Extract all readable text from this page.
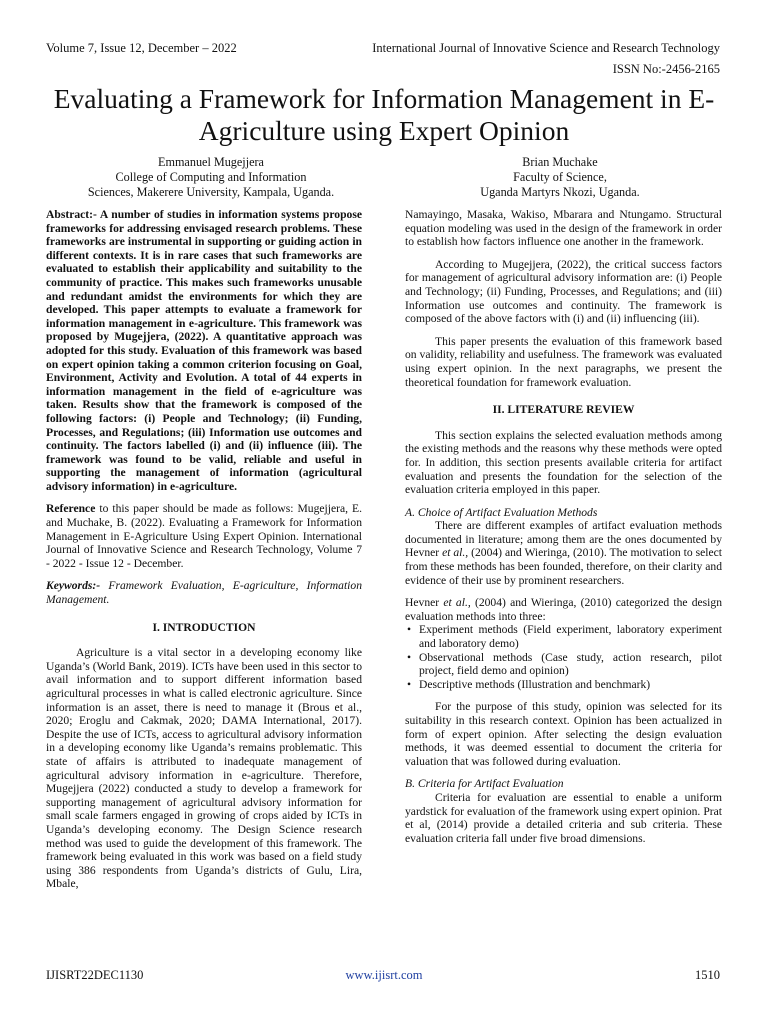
Volume 7, Issue 12, December – 2022	International Journal of Innovative Science and Research Technology
ISSN No:-2456-2165
Evaluating a Framework for Information Management in E-Agriculture using Expert Opinion
Emmanuel Mugejjera
College of Computing and Information
Sciences, Makerere University, Kampala, Uganda.
Brian Muchake
Faculty of Science,
Uganda Martyrs Nkozi, Uganda.

Abstract:- A number of studies in information systems propose frameworks for addressing envisaged research problems. These frameworks are instrumental in supporting or guiding action in different contexts. It is in rare cases that such frameworks are evaluated to establish their applicability and suitability to the community of practice. This makes such frameworks unusable and redundant amidst the environments for which they are developed. This paper attempts to evaluate a framework for information management in e-agriculture. This framework was proposed by Mugejjera, (2022). A quantitative approach was adopted for this study. Evaluation of this framework was based on expert opinion taking a common criterion focusing on Goal, Environment, Activity and Evolution. A total of 44 experts in information management in the field of e-agriculture was taken. Results show that the framework is composed of the following factors: (i) People and Technology; (ii) Funding, Processes, and Regulations; (iii) Information use outcomes and continuity. The factors labelled (i) and (ii) influence (iii). The framework was found to be valid, reliable and useful in supporting the management of information (agricultural advisory information) in e-agriculture.

Reference to this paper should be made as follows: Mugejjera, E. and Muchake, B. (2022). Evaluating a Framework for Information Management in E-Agriculture Using Expert Opinion. International Journal of Innovative Science and Research Technology, Volume 7 - 2022 - Issue 12 - December.

Keywords:- Framework Evaluation, E-agriculture, Information Management.

I. INTRODUCTION

Agriculture is a vital sector in a developing economy like Uganda’s (World Bank, 2019). ICTs have been used in this sector to avail information and to support different information based agricultural processes in what is called electronic agriculture. Since information is an asset, there is need to manage it (Brous et al., 2020; Eroglu and Cakmak, 2020; DAMA International, 2017). Despite the use of ICTs, access to agricultural advisory information in a developing economy like Uganda’s remains problematic. This state of affairs is attributed to inadequate management of agricultural advisory information in e-agriculture. Therefore, Mugejjera (2022) conducted a study to develop a framework for supporting management of agricultural advisory information for small scale farmers engaged in growing of crops aided by ICTs in Uganda’s developing economy. The Design Science research method was used to guide the development of this framework. The framework being evaluated in this work was based on a field study using 386 respondents from Uganda’s districts of Gulu, Lira, Mbale,

Namayingo, Masaka, Wakiso, Mbarara and Ntungamo. Structural equation modeling was used in the design of the framework in order to establish how factors influence one another in the framework.

According to Mugejjera, (2022), the critical success factors for management of agricultural advisory information are: (i) People and Technology; (ii) Funding, Processes, and Regulations; and (iii) Information use outcomes and continuity. The framework is composed of the above factors with (i) and (ii) influencing (iii).

This paper presents the evaluation of this framework based on validity, reliability and usefulness. The framework was evaluated using expert opinion. In the next paragraphs, we present the theoretical foundation for framework evaluation.

II. LITERATURE REVIEW

This section explains the selected evaluation methods among the existing methods and the reasons why these methods were opted for. In addition, this section presents available criteria for artifact evaluation and presents the foundation for the selection of the evaluation criteria employed in this paper.

A. Choice of Artifact Evaluation Methods

There are different examples of artifact evaluation methods documented in literature; among them are the ones documented by Hevner et al., (2004) and Wieringa, (2010). The motivation to select from these methods has been founded, therefore, on their clarity and evidence of their use by prominent researchers.

Hevner et al., (2004) and Wieringa, (2010) categorized the design evaluation methods into three:

• Experiment methods (Field experiment, laboratory experiment and laboratory demo)
• Observational methods (Case study, action research, pilot project, field demo and opinion)
• Descriptive methods (Illustration and benchmark)

For the purpose of this study, opinion was selected for its suitability in this research context. Opinion has been actualized in form of expert opinion. After selecting the design evaluation methods, it was deemed essential to document the criteria for valuation that was followed during evaluation.

B. Criteria for Artifact Evaluation

Criteria for evaluation are essential to enable a uniform yardstick for evaluation of the framework using expert opinion. Prat et al, (2014) provide a detailed criteria and sub criteria. These evaluation criteria fall under five broad dimensions.

IJISRT22DEC1130	www.ijisrt.com	1510
